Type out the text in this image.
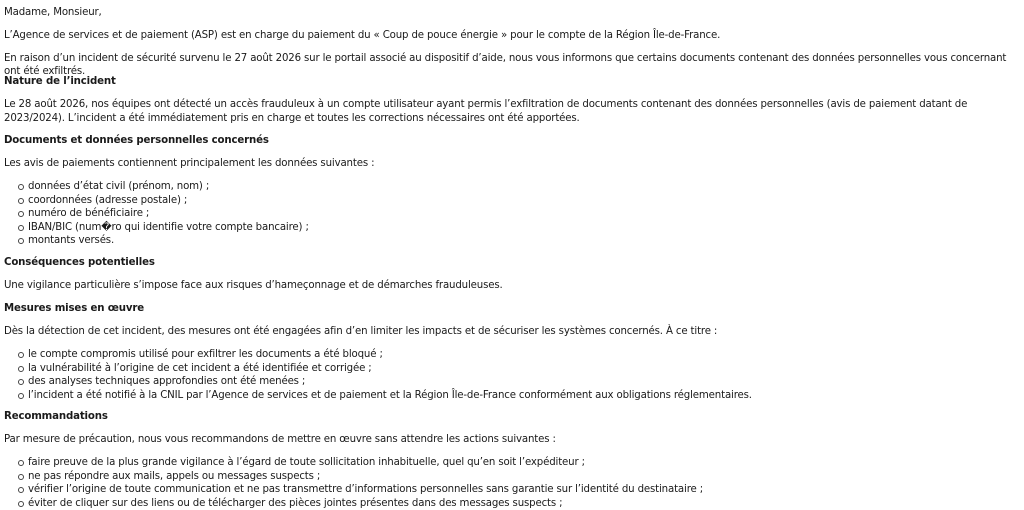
Madame, Monsieur,

L’Agence de services et de paiement (ASP) est en charge du paiement du « Coup de pouce énergie » pour le compte de la Région Île-de-France.

En raison d’un incident de sécurité survenu le 27 août 2026 sur le portail associé au dispositif d’aide, nous vous informons que certains documents contenant des données personnelles vous concernant ont été exfiltrés.

Nature de l’incident

Le 28 août 2026, nos équipes ont détecté un accès frauduleux à un compte utilisateur ayant permis l’exfiltration de documents contenant des données personnelles (avis de paiement datant de 2023/2024). L’incident a été immédiatement pris en charge et toutes les corrections nécessaires ont été apportées.

Documents et données personnelles concernés

Les avis de paiements contiennent principalement les données suivantes :

données d’état civil (prénom, nom) ;
coordonnées (adresse postale) ;
numéro de bénéficiaire ;
IBAN/BIC (num�ro qui identifie votre compte bancaire) ;
montants versés.
Conséquences potentielles

Une vigilance particulière s’impose face aux risques d’hameçonnage et de démarches frauduleuses.

Mesures mises en œuvre

Dès la détection de cet incident, des mesures ont été engagées afin d’en limiter les impacts et de sécuriser les systèmes concernés. À ce titre :

le compte compromis utilisé pour exfiltrer les documents a été bloqué ;
la vulnérabilité à l’origine de cet incident a été identifiée et corrigée ;
des analyses techniques approfondies ont été menées ;
l’incident a été notifié à la CNIL par l’Agence de services et de paiement et la Région Île-de-France conformément aux obligations réglementaires.
Recommandations

Par mesure de précaution, nous vous recommandons de mettre en œuvre sans attendre les actions suivantes :

faire preuve de la plus grande vigilance à l’égard de toute sollicitation inhabituelle, quel qu’en soit l’expéditeur ;
ne pas répondre aux mails, appels ou messages suspects ;
vérifier l’origine de toute communication et ne pas transmettre d’informations personnelles sans garantie sur l’identité du destinataire ;
éviter de cliquer sur des liens ou de télécharger des pièces jointes présentes dans des messages suspects ;
